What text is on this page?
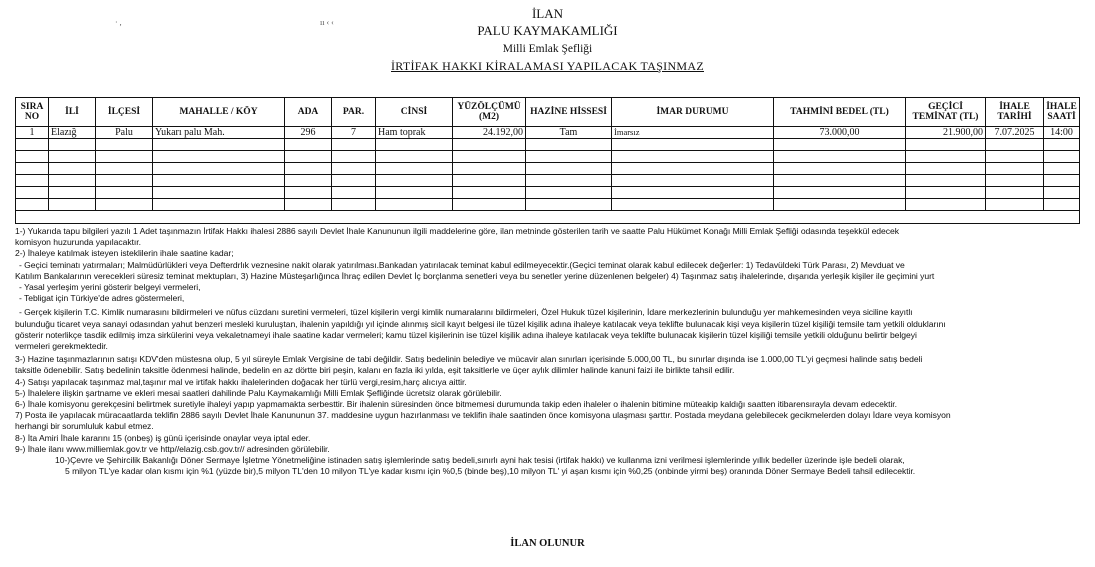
· ,	ıı ‹ ‹
İLAN
PALU KAYMAKAMLIĞI
Milli Emlak Şefliği
İRTİFAK HAKKI KİRALAMASI YAPILACAK TAŞINMAZ
SIRA NO	İLİ	İLÇESİ	MAHALLE / KÖY	ADA	PAR.	CİNSİ	YÜZÖLÇÜMÜ (M2)	HAZİNE HİSSESİ	İMAR DURUMU	TAHMİNİ BEDEL (TL)	GEÇİCİ TEMİNAT (TL)	İHALE TARİHİ	İHALE SAATİ
1	Elazığ	Palu	Yukarı palu Mah.	296	7	Ham toprak	24.192,00	Tam	İmarsız	73.000,00	21.900,00	7.07.2025	14:00

1-) Yukarıda tapu bilgileri yazılı 1 Adet taşınmazın İrtifak Hakkı ihalesi 2886 sayılı Devlet İhale Kanununun ilgili maddelerine göre, ilan metninde gösterilen tarih ve saatte Palu Hükümet Konağı Milli Emlak Şefliği odasında teşekkül edecek

komisyon huzurunda yapılacaktır.

2-) İhaleye katılmak isteyen isteklilerin ihale saatine kadar;

- Geçici teminatı yatırmaları; Malmüdürlükleri veya Defterdrlık veznesine nakit olarak yatırılması.Bankadan yatırılacak teminat kabul edilmeyecektir.(Geçici teminat olarak kabul edilecek değerler: 1) Tedavüldeki Türk Parası, 2) Mevduat ve

Katılım Bankalarının verecekleri süresiz teminat mektupları, 3) Hazine Müsteşarlığınca İhraç edilen Devlet İç borçlanma senetleri veya bu senetler yerine düzenlenen belgeler) 4) Taşınmaz satış ihalelerinde, dışarıda yerleşik kişiler ile geçimini yurt

- Yasal yerleşim yerini gösterir belgeyi vermeleri,

- Tebligat için Türkiye'de adres göstermeleri,

- Gerçek kişilerin T.C. Kimlik numarasını bildirmeleri ve nüfus cüzdanı suretini vermeleri, tüzel kişilerin vergi kimlik numaralarını bildirmeleri, Özel Hukuk tüzel kişilerinin, İdare merkezlerinin bulunduğu yer mahkemesinden veya siciline kayıtlı

bulunduğu ticaret veya sanayi odasından yahut benzeri mesleki kuruluştan, ihalenin yapıldığı yıl içinde alınmış sicil kayıt belgesi ile tüzel kişilik adına ihaleye katılacak veya teklifte bulunacak kişi veya kişilerin tüzel kişiliği temsile tam yetkili olduklarını

gösterir noterlikçe tasdik edilmiş imza sirkülerini veya vekaletnameyi ihale saatine kadar vermeleri; kamu tüzel kişilerinin ise tüzel kişilik adına ihaleye katılacak veya teklifte bulunacak kişilerin tüzel kişiliği temsile yetkili olduğunu belirtir belgeyi

vermeleri gerekmektedir.

3-) Hazine taşınmazlarının satışı KDV'den müstesna olup, 5 yıl süreyle Emlak Vergisine de tabi değildir. Satış bedelinin belediye ve mücavir alan sınırları içerisinde 5.000,00 TL, bu sınırlar dışında ise 1.000,00 TL'yi geçmesi halinde satış bedeli

taksitle ödenebilir. Satış bedelinin taksitle ödenmesi halinde, bedelin en az dörtte biri peşin, kalanı en fazla iki yılda, eşit taksitlerle ve üçer aylık dilimler halinde kanuni faizi ile birlikte tahsil edilir.

4-) Satışı yapılacak taşınmaz mal,taşınır mal ve irtifak hakkı ihalelerinden doğacak her türlü vergi,resim,harç alıcıya aittir.

5-) İhalelere ilişkin şartname ve ekleri mesai saatleri dahilinde Palu Kaymakamlığı Milli Emlak Şefliğinde ücretsiz olarak görülebilir.

6-) İhale komisyonu gerekçesini belirtmek suretiyle ihaleyi yapıp yapmamakta serbesttir. Bir ihalenin süresinden önce bitmemesi durumunda takip eden ihaleler o ihalenin bitimine müteakip kaldığı saatten itibarensırayla devam edecektir.

7) Posta ile yapılacak müracaatlarda teklifin 2886 sayılı Devlet İhale Kanununun 37. maddesine uygun hazırlanması ve teklifin ihale saatinden önce komisyona ulaşması şarttır. Postada meydana gelebilecek gecikmelerden dolayı İdare veya komisyon

herhangi bir sorumluluk kabul etmez.

8-) İta Amiri İhale kararını 15 (onbeş) iş günü içerisinde onaylar veya iptal eder.

9-) İhale ilanı www.milliemlak.gov.tr ve http//elazig.csb.gov.tr// adresinden görülebilir.

10-)Çevre ve Şehircilik Bakanlığı Döner Sermaye İşletme Yönetmeliğine istinaden satış işlemlerinde satış bedeli,sınırlı ayni hak tesisi (irtifak hakkı) ve kullanma izni verilmesi işlemlerinde yıllık bedeller üzerinde işle bedeli olarak,

5 milyon TL'ye kadar olan kısmı için %1 (yüzde bir),5 milyon TL'den 10 milyon TL'ye kadar kısmı için %0,5 (binde beş),10 milyon TL' yi aşan kısmı için %0,25 (onbinde yirmi beş) oranında Döner Sermaye Bedeli tahsil edilecektir.

İLAN OLUNUR
